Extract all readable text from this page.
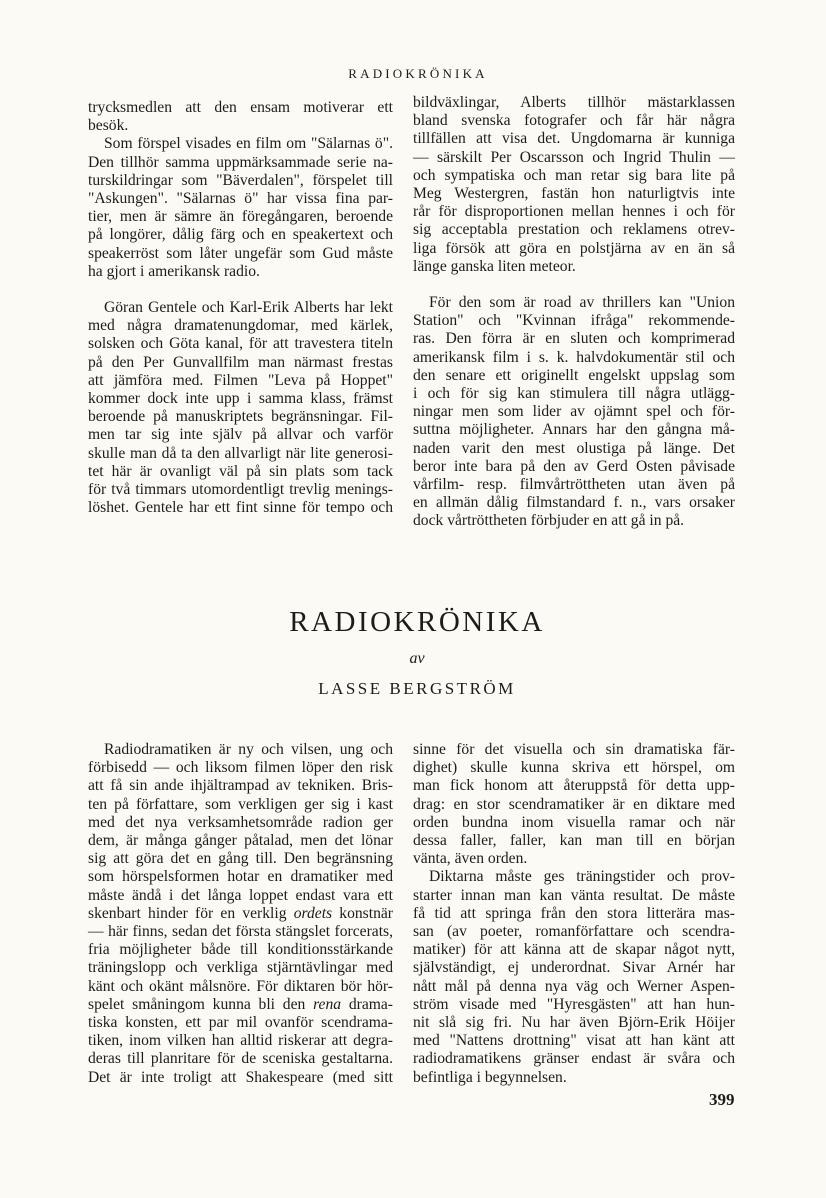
RADIOKRÖNIKA
trycksmedlen att den ensam motiverar ett
besök.
Som förspel visades en film om "Sälarnas ö".
Den tillhör samma uppmärksammade serie na-
turskildringar som "Bäverdalen", förspelet till
"Askungen". "Sälarnas ö" har vissa fina par-
tier, men är sämre än föregångaren, beroende
på longörer, dålig färg och en speakertext och
speakerröst som låter ungefär som Gud måste
ha gjort i amerikansk radio.
Göran Gentele och Karl-Erik Alberts har lekt
med några dramatenungdomar, med kärlek,
solsken och Göta kanal, för att travestera titeln
på den Per Gunvallfilm man närmast frestas
att jämföra med. Filmen "Leva på Hoppet"
kommer dock inte upp i samma klass, främst
beroende på manuskriptets begränsningar. Fil-
men tar sig inte själv på allvar och varför
skulle man då ta den allvarligt när lite generosi-
tet här är ovanligt väl på sin plats som tack
för två timmars utomordentligt trevlig menings-
löshet. Gentele har ett fint sinne för tempo och
bildväxlingar, Alberts tillhör mästarklassen
bland svenska fotografer och får här några
tillfällen att visa det. Ungdomarna är kunniga
— särskilt Per Oscarsson och Ingrid Thulin —
och sympatiska och man retar sig bara lite på
Meg Westergren, fastän hon naturligtvis inte
rår för disproportionen mellan hennes i och för
sig acceptabla prestation och reklamens otrev-
liga försök att göra en polstjärna av en än så
länge ganska liten meteor.
För den som är road av thrillers kan "Union
Station" och "Kvinnan ifråga" rekommende-
ras. Den förra är en sluten och komprimerad
amerikansk film i s. k. halvdokumentär stil och
den senare ett originellt engelskt uppslag som
i och för sig kan stimulera till några utlägg-
ningar men som lider av ojämnt spel och för-
suttna möjligheter. Annars har den gångna må-
naden varit den mest olustiga på länge. Det
beror inte bara på den av Gerd Osten påvisade
vårfilm- resp. filmvårtröttheten utan även på
en allmän dålig filmstandard f. n., vars orsaker
dock vårtröttheten förbjuder en att gå in på.
RADIOKRÖNIKA
av
LASSE BERGSTRÖM
Radiodramatiken är ny och vilsen, ung och
förbisedd — och liksom filmen löper den risk
att få sin ande ihjältrampad av tekniken. Bris-
ten på författare, som verkligen ger sig i kast
med det nya verksamhetsområde radion ger
dem, är många gånger påtalad, men det lönar
sig att göra det en gång till. Den begränsning
som hörspelsformen hotar en dramatiker med
måste ändå i det långa loppet endast vara ett
skenbart hinder för en verklig ordets konstnär
— här finns, sedan det första stängslet forcerats,
fria möjligheter både till konditionsstärkande
träningslopp och verkliga stjärntävlingar med
känt och okänt målsnöre. För diktaren bör hör-
spelet småningom kunna bli den rena drama-
tiska konsten, ett par mil ovanför scendrama-
tiken, inom vilken han alltid riskerar att degra-
deras till planritare för de sceniska gestaltarna.
Det är inte troligt att Shakespeare (med sitt
sinne för det visuella och sin dramatiska fär-
dighet) skulle kunna skriva ett hörspel, om
man fick honom att återuppstå för detta upp-
drag: en stor scendramatiker är en diktare med
orden bundna inom visuella ramar och när
dessa faller, faller, kan man till en början
vänta, även orden.
Diktarna måste ges träningstider och prov-
starter innan man kan vänta resultat. De måste
få tid att springa från den stora litterära mas-
san (av poeter, romanförfattare och scendra-
matiker) för att känna att de skapar något nytt,
självständigt, ej underordnat. Sivar Arnér har
nått mål på denna nya väg och Werner Aspen-
ström visade med "Hyresgästen" att han hun-
nit slå sig fri. Nu har även Björn-Erik Höijer
med "Nattens drottning" visat att han känt att
radiodramatikens gränser endast är svåra och
befintliga i begynnelsen.
399
